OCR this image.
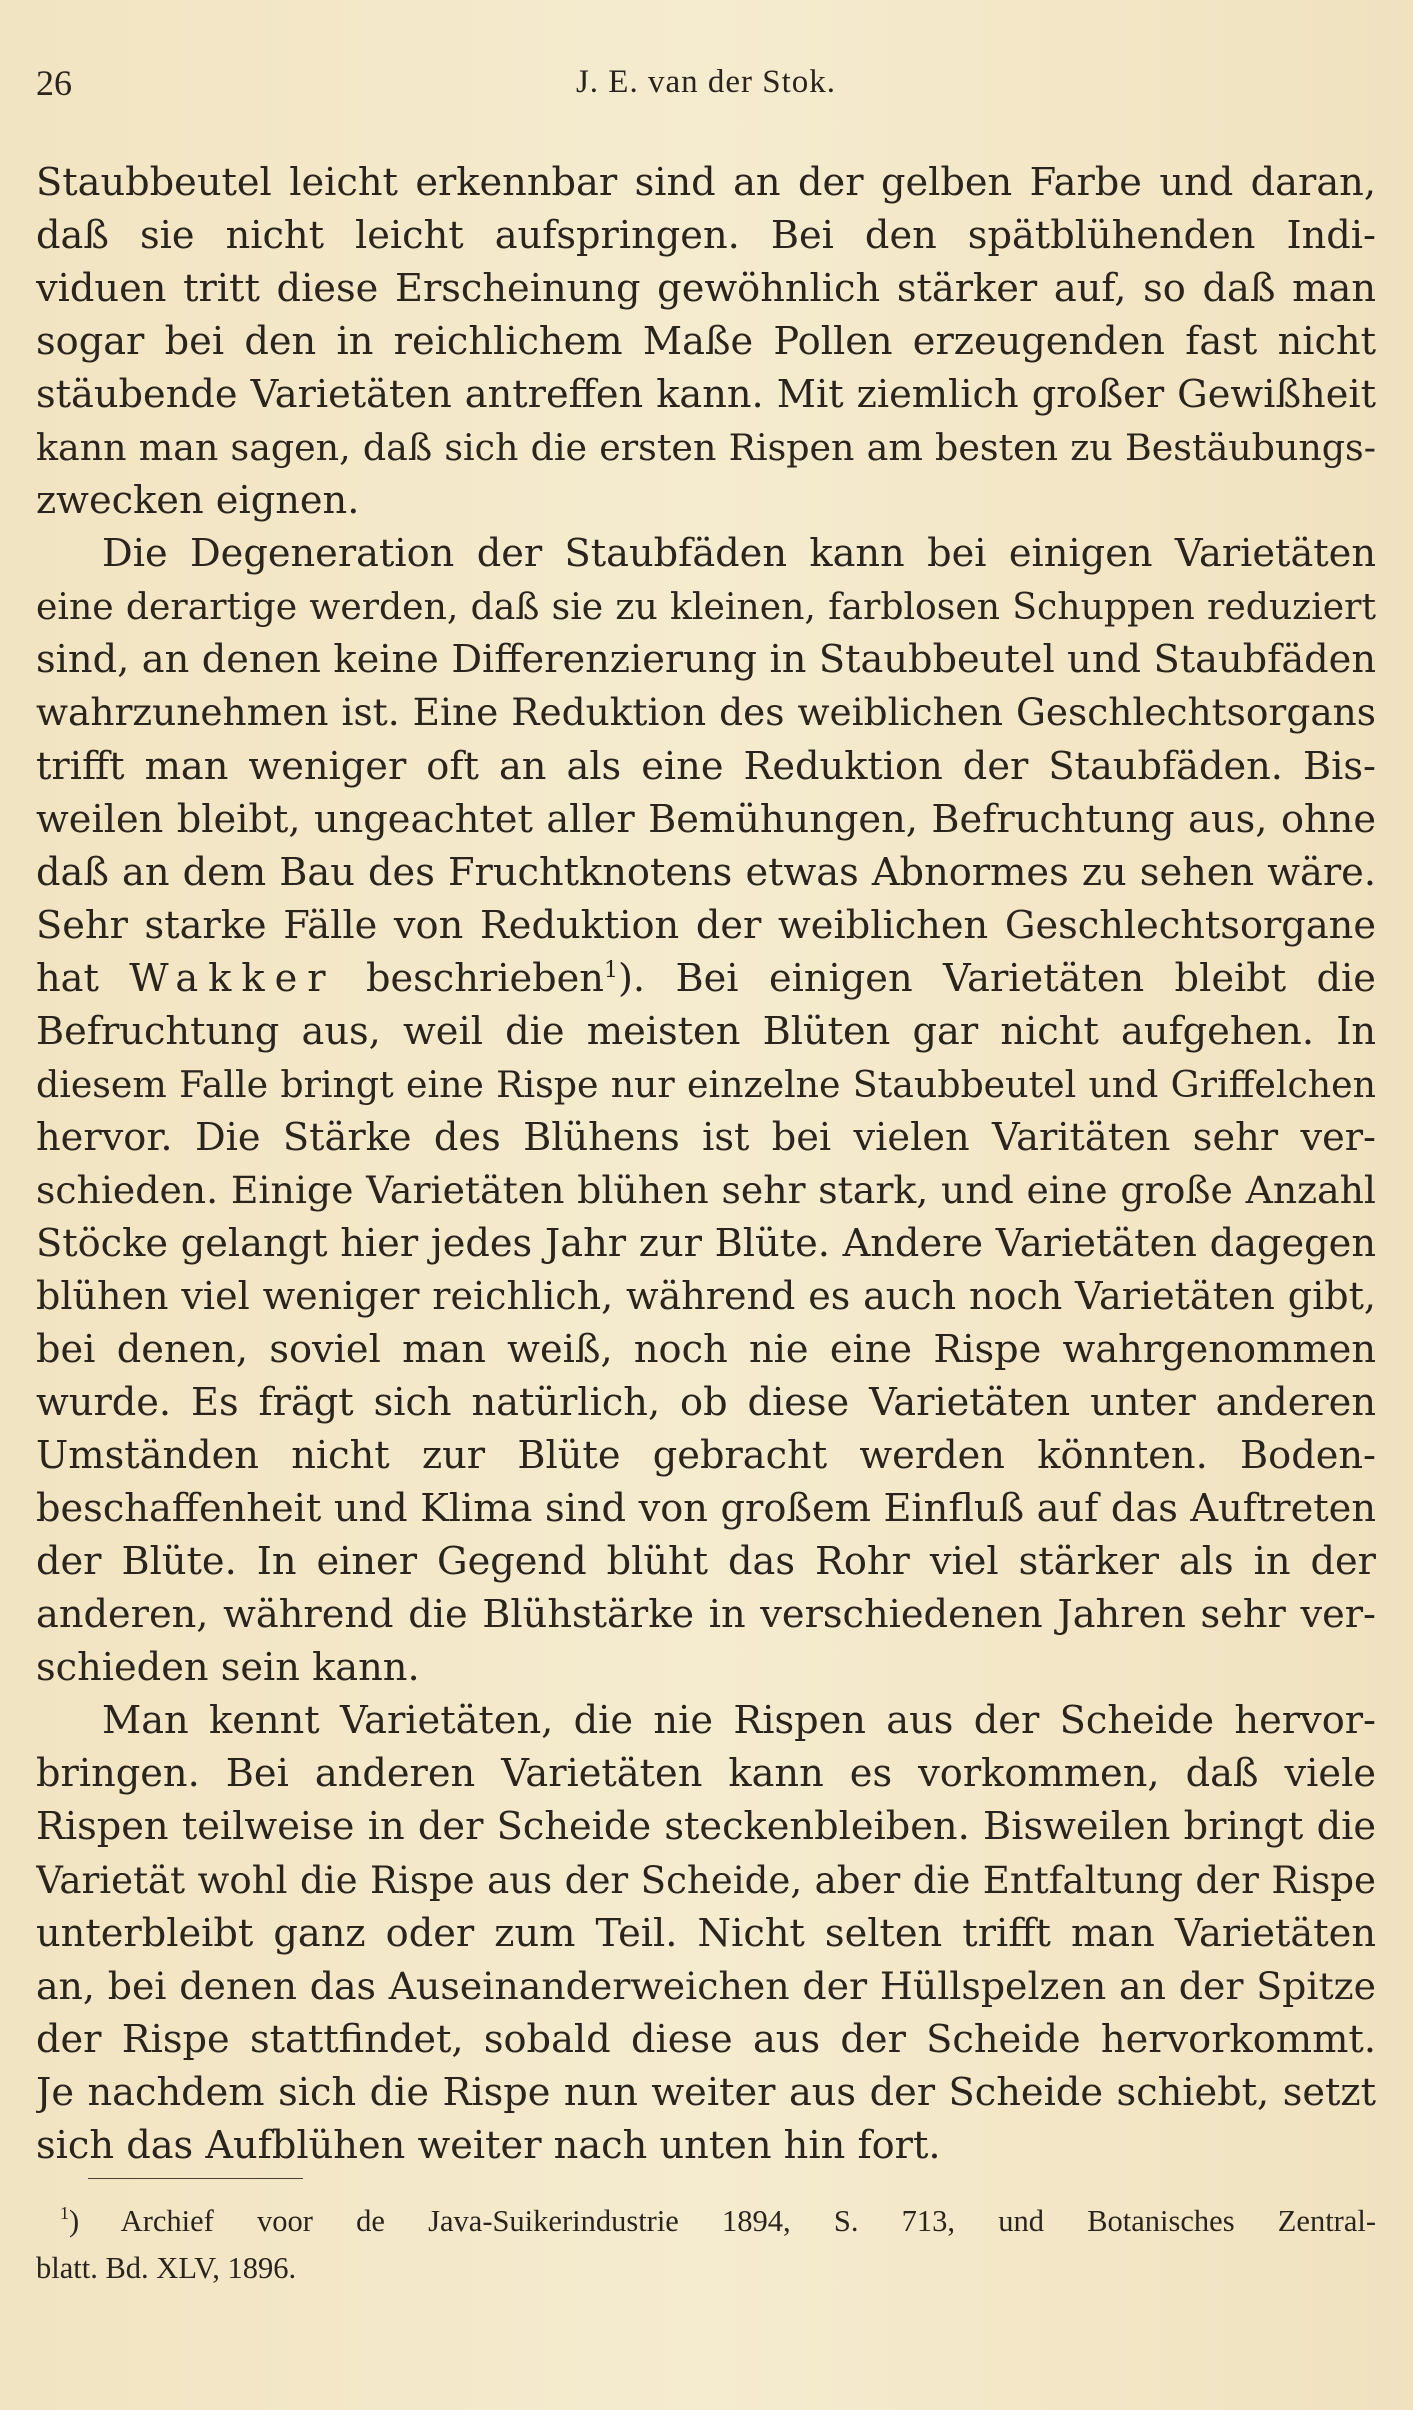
26	J. E. van der Stok.
Staubbeutel leicht erkennbar sind an der gelben Farbe und daran,
daß sie nicht leicht aufspringen. Bei den spätblühenden Indi-
viduen tritt diese Erscheinung gewöhnlich stärker auf, so daß man
sogar bei den in reichlichem Maße Pollen erzeugenden fast nicht
stäubende Varietäten antreffen kann. Mit ziemlich großer Gewißheit
kann man sagen, daß sich die ersten Rispen am besten zu Bestäubungs-
zwecken eignen.
Die Degeneration der Staubfäden kann bei einigen Varietäten
eine derartige werden, daß sie zu kleinen, farblosen Schuppen reduziert
sind, an denen keine Differenzierung in Staubbeutel und Staubfäden
wahrzunehmen ist. Eine Reduktion des weiblichen Geschlechtsorgans
trifft man weniger oft an als eine Reduktion der Staubfäden. Bis-
weilen bleibt, ungeachtet aller Bemühungen, Befruchtung aus, ohne
daß an dem Bau des Fruchtknotens etwas Abnormes zu sehen wäre.
Sehr starke Fälle von Reduktion der weiblichen Geschlechtsorgane
hat Wakker beschrieben$^1$). Bei einigen Varietäten bleibt die
Befruchtung aus, weil die meisten Blüten gar nicht aufgehen. In
diesem Falle bringt eine Rispe nur einzelne Staubbeutel und Griffelchen
hervor. Die Stärke des Blühens ist bei vielen Varitäten sehr ver-
schieden. Einige Varietäten blühen sehr stark, und eine große Anzahl
Stöcke gelangt hier jedes Jahr zur Blüte. Andere Varietäten dagegen
blühen viel weniger reichlich, während es auch noch Varietäten gibt,
bei denen, soviel man weiß, noch nie eine Rispe wahrgenommen
wurde. Es frägt sich natürlich, ob diese Varietäten unter anderen
Umständen nicht zur Blüte gebracht werden könnten. Boden-
beschaffenheit und Klima sind von großem Einfluß auf das Auftreten
der Blüte. In einer Gegend blüht das Rohr viel stärker als in der
anderen, während die Blühstärke in verschiedenen Jahren sehr ver-
schieden sein kann.
Man kennt Varietäten, die nie Rispen aus der Scheide hervor-
bringen. Bei anderen Varietäten kann es vorkommen, daß viele
Rispen teilweise in der Scheide steckenbleiben. Bisweilen bringt die
Varietät wohl die Rispe aus der Scheide, aber die Entfaltung der Rispe
unterbleibt ganz oder zum Teil. Nicht selten trifft man Varietäten
an, bei denen das Auseinanderweichen der Hüllspelzen an der Spitze
der Rispe stattfindet, sobald diese aus der Scheide hervorkommt.
Je nachdem sich die Rispe nun weiter aus der Scheide schiebt, setzt
sich das Aufblühen weiter nach unten hin fort.
$^1$) Archief voor de Java-Suikerindustrie 1894, S. 713, und Botanisches Zentral-
blatt. Bd. XLV, 1896.
